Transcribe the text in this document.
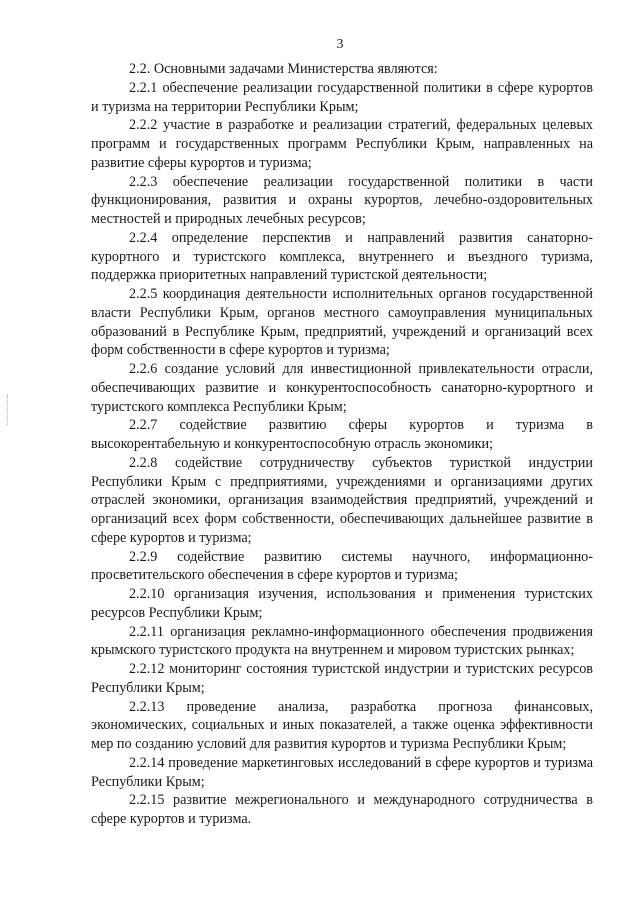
3

2.2. Основными задачами Министерства являются:

2.2.1 обеспечение реализации государственной политики в сфере курортов и туризма на территории Республики Крым;

2.2.2 участие в разработке и реализации стратегий, федеральных целевых программ и государственных программ Республики Крым, направленных на развитие сферы курортов и туризма;

2.2.3 обеспечение реализации государственной политики в части функционирования, развития и охраны курортов, лечебно-оздоровительных местностей и природных лечебных ресурсов;

2.2.4 определение перспектив и направлений развития санаторно-курортного и туристского комплекса, внутреннего и въездного туризма, поддержка приоритетных направлений туристской деятельности;

2.2.5 координация деятельности исполнительных органов государственной власти Республики Крым, органов местного самоуправления муниципальных образований в Республике Крым, предприятий, учреждений и организаций всех форм собственности в сфере курортов и туризма;

2.2.6 создание условий для инвестиционной привлекательности отрасли, обеспечивающих развитие и конкурентоспособность санаторно-курортного и туристского комплекса Республики Крым;

2.2.7 содействие развитию сферы курортов и туризма в высокорентабельную и конкурентоспособную отрасль экономики;

2.2.8 содействие сотрудничеству субъектов туристкой индустрии Республики Крым с предприятиями, учреждениями и организациями других отраслей экономики, организация взаимодействия предприятий, учреждений и организаций всех форм собственности, обеспечивающих дальнейшее развитие в сфере курортов и туризма;

2.2.9 содействие развитию системы научного, информационно-просветительского обеспечения в сфере курортов и туризма;

2.2.10 организация изучения, использования и применения туристских ресурсов Республики Крым;

2.2.11 организация рекламно-информационного обеспечения продвижения крымского туристского продукта на внутреннем и мировом туристских рынках;

2.2.12 мониторинг состояния туристской индустрии и туристских ресурсов Республики Крым;

2.2.13 проведение анализа, разработка прогноза финансовых, экономических, социальных и иных показателей, а также оценка эффективности мер по созданию условий для развития курортов и туризма Республики Крым;

2.2.14 проведение маркетинговых исследований в сфере курортов и туризма Республики Крым;

2.2.15 развитие межрегионального и международного сотрудничества в сфере курортов и туризма.
